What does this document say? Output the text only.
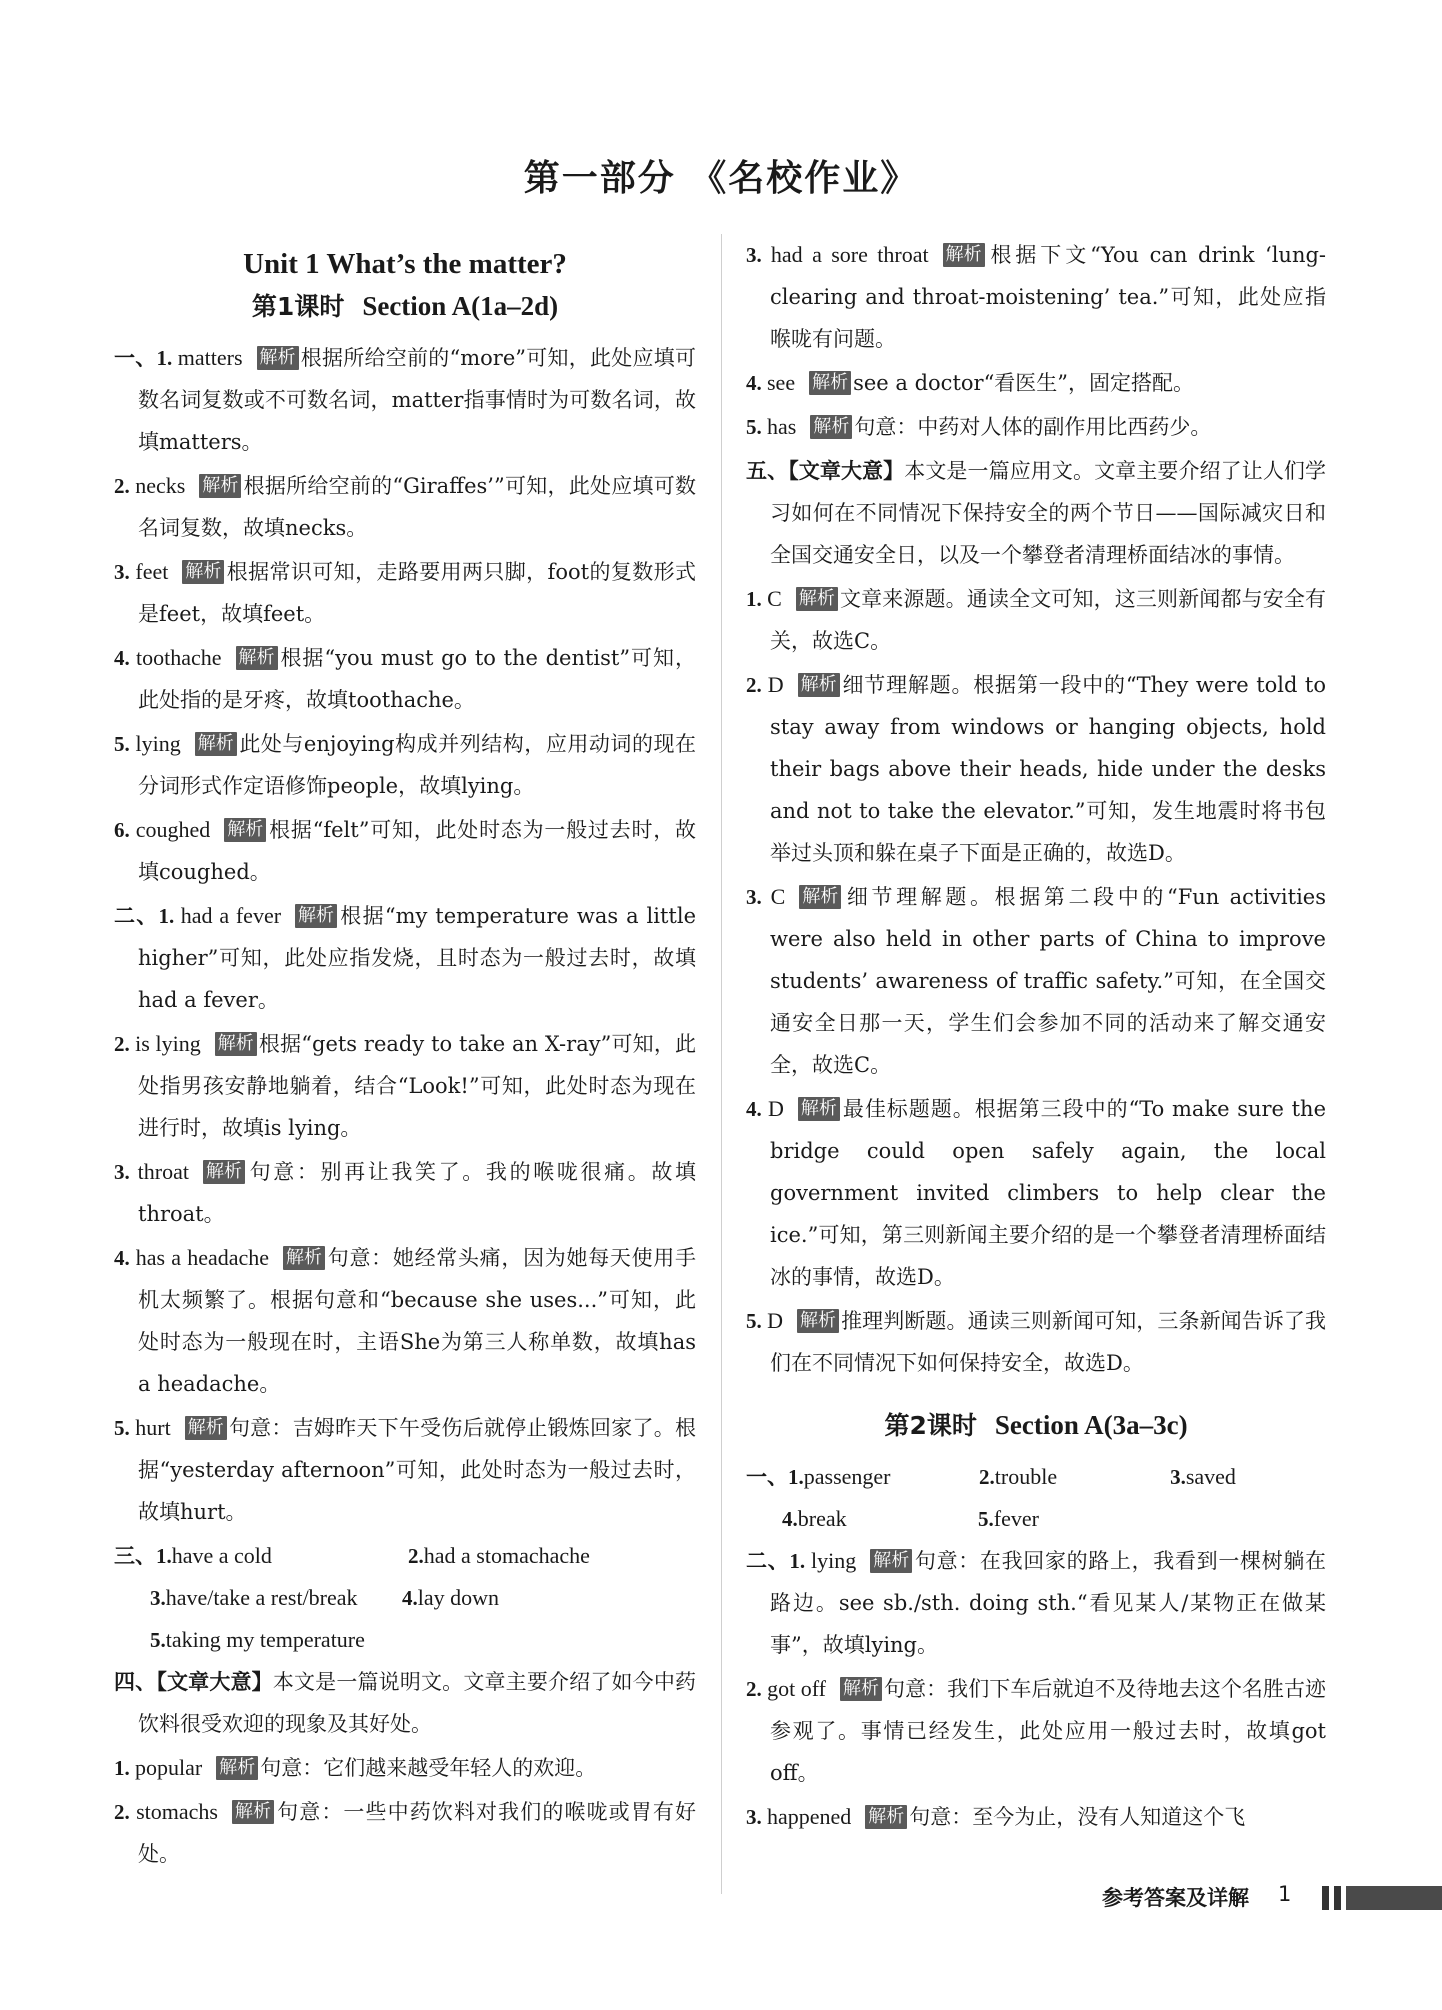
第一部分 《名校作业》
Unit 1 What’s the matter?
第1课时 Section A(1a–2d)
一、1. matters 解析 根据所给空前的“more”可知，此处应填可数名词复数或不可数名词，matter指事情时为可数名词，故填matters。
2. necks 解析 根据所给空前的“Giraffes’”可知，此处应填可数名词复数，故填necks。
3. feet 解析 根据常识可知，走路要用两只脚，foot的复数形式是feet，故填feet。
4. toothache 解析 根据“you must go to the dentist”可知，此处指的是牙疼，故填toothache。
5. lying 解析 此处与enjoying构成并列结构，应用动词的现在分词形式作定语修饰people，故填lying。
6. coughed 解析 根据“felt”可知，此处时态为一般过去时，故填coughed。
二、1. had a fever 解析 根据“my temperature was a little higher”可知，此处应指发烧，且时态为一般过去时，故填had a fever。
2. is lying 解析 根据“gets ready to take an X-ray”可知，此处指男孩安静地躺着，结合“Look!”可知，此处时态为现在进行时，故填is lying。
3. throat 解析 句意：别再让我笑了。我的喉咙很痛。故填throat。
4. has a headache 解析 句意：她经常头痛，因为她每天使用手机太频繁了。根据句意和“because she uses...”可知，此处时态为一般现在时，主语She为第三人称单数，故填has a headache。
5. hurt 解析 句意：吉姆昨天下午受伤后就停止锻炼回家了。根据“yesterday afternoon”可知，此处时态为一般过去时，故填hurt。
三、 1.have a cold	2.had a stomachache
3.have/take a rest/break	4.lay down
5.taking my temperature
四、【文章大意】本文是一篇说明文。文章主要介绍了如今中药饮料很受欢迎的现象及其好处。
1. popular 解析 句意：它们越来越受年轻人的欢迎。
2. stomachs 解析 句意：一些中药饮料对我们的喉咙或胃有好处。
3. had a sore throat 解析 根据下文“You can drink ‘lung-clearing and throat-moistening’ tea.”可知，此处应指喉咙有问题。
4. see 解析 see a doctor“看医生”，固定搭配。
5. has 解析 句意：中药对人体的副作用比西药少。
五、【文章大意】本文是一篇应用文。文章主要介绍了让人们学习如何在不同情况下保持安全的两个节日——国际减灾日和全国交通安全日，以及一个攀登者清理桥面结冰的事情。
1. C 解析 文章来源题。通读全文可知，这三则新闻都与安全有关，故选C。
2. D 解析 细节理解题。根据第一段中的“They were told to stay away from windows or hanging objects, hold their bags above their heads, hide under the desks and not to take the elevator.”可知，发生地震时将书包举过头顶和躲在桌子下面是正确的，故选D。
3. C 解析 细节理解题。根据第二段中的“Fun activities were also held in other parts of China to improve students’ awareness of traffic safety.”可知，在全国交通安全日那一天，学生们会参加不同的活动来了解交通安全，故选C。
4. D 解析 最佳标题题。根据第三段中的“To make sure the bridge could open safely again, the local government invited climbers to help clear the ice.”可知，第三则新闻主要介绍的是一个攀登者清理桥面结冰的事情，故选D。
5. D 解析 推理判断题。通读三则新闻可知，三条新闻告诉了我们在不同情况下如何保持安全，故选D。
第2课时 Section A(3a–3c)
一、 1.passenger	2.trouble	3.saved
4.break	5.fever
二、1. lying 解析 句意：在我回家的路上，我看到一棵树躺在路边。see sb./sth. doing sth.“看见某人/某物正在做某事”，故填lying。
2. got off 解析 句意：我们下车后就迫不及待地去这个名胜古迹参观了。事情已经发生，此处应用一般过去时，故填got off。
3. happened 解析 句意：至今为止，没有人知道这个飞
参考答案及详解 1
